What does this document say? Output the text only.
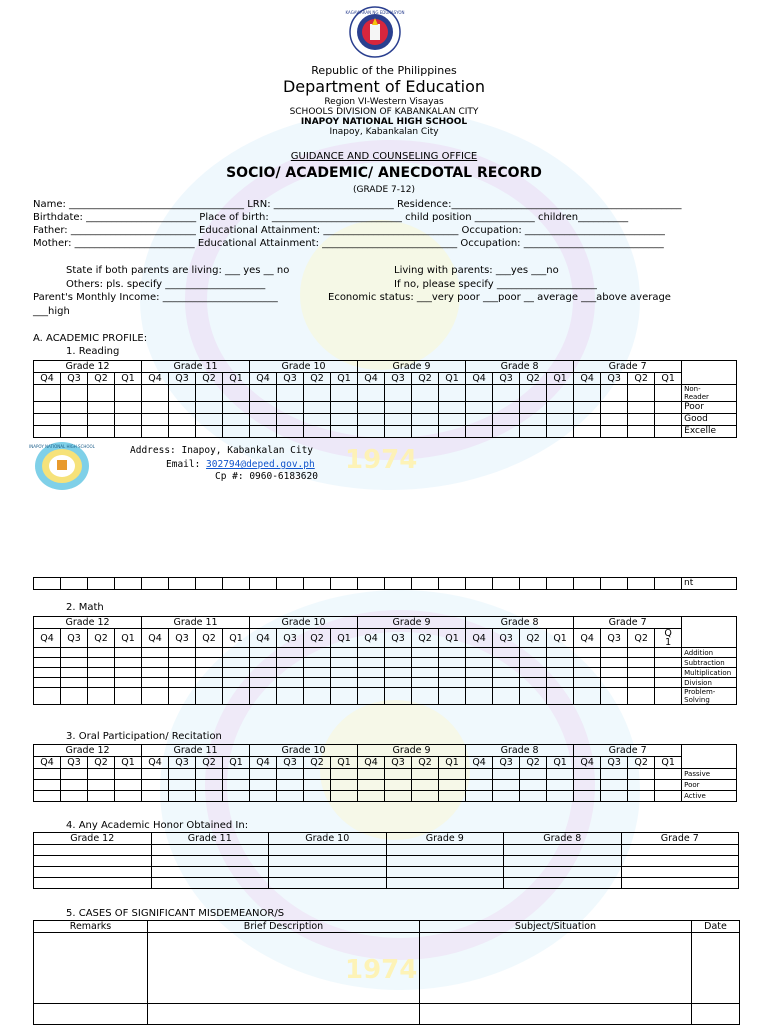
1974
1974
KAGAWARAN NG EDUKASYON
Republic of the Philippines
Department of Education
Region VI-Western Visayas
SCHOOLS DIVISION OF KABANKALAN CITY
INAPOY NATIONAL HIGH SCHOOL
Inapoy, Kabankalan City
GUIDANCE AND COUNSELING OFFICE
SOCIO/ ACADEMIC/ ANECDOTAL RECORD
(GRADE 7-12)
Name: ___________________________________ LRN: ________________________ Residence:______________________________________________
Birthdate: ______________________ Place of birth: __________________________ child position ____________ children__________
Father: _________________________ Educational Attainment: ___________________________ Occupation: ____________________________
Mother: ________________________ Educational Attainment: ___________________________ Occupation: ____________________________
State if both parents are living: ___ yes __ no	Living with parents: ___yes ___no
Others: pls. specify ____________________	If no, please specify ____________________
Parent's Monthly Income: _______________________	Economic status: ___very poor ___poor __ average ___above average
___high
A. ACADEMIC PROFILE:
1. Reading
Grade 12				Grade 11				Grade 10				Grade 9				Grade 8				Grade 7				
Q4	Q3	Q2	Q1	Q4	Q3	Q2	Q1	Q4	Q3	Q2	Q1	Q4	Q3	Q2	Q1	Q4	Q3	Q2	Q1	Q4	Q3	Q2	Q1	
																								Non-
Reader
																								Poor
																								Good
																								Excelle
INAPOY NATIONAL HIGH SCHOOL	Address: Inapoy, Kabankalan City
Email: 302794@deped.gov.ph
Cp #: 0960-6183620
																								nt
2. Math
Grade 12				Grade 11				Grade 10				Grade 9				Grade 8				Grade 7				
Q4	Q3	Q2	Q1	Q4	Q3	Q2	Q1	Q4	Q3	Q2	Q1	Q4	Q3	Q2	Q1	Q4	Q3	Q2	Q1	Q4	Q3	Q2	Q
1	
																								Addition
																								Subtraction
																								Multiplication
																								Division
																								Problem-
Solving
3. Oral Participation/ Recitation
Grade 12				Grade 11				Grade 10				Grade 9				Grade 8				Grade 7				
Q4	Q3	Q2	Q1	Q4	Q3	Q2	Q1	Q4	Q3	Q2	Q1	Q4	Q3	Q2	Q1	Q4	Q3	Q2	Q1	Q4	Q3	Q2	Q1	
																								Passive
																								Poor
																								Active
4. Any Academic Honor Obtained In:
Grade 12	Grade 11	Grade 10	Grade 9	Grade 8	Grade 7

5. CASES OF SIGNIFICANT MISDEMEANOR/S
Remarks	Brief Description	Subject/Situation	Date
